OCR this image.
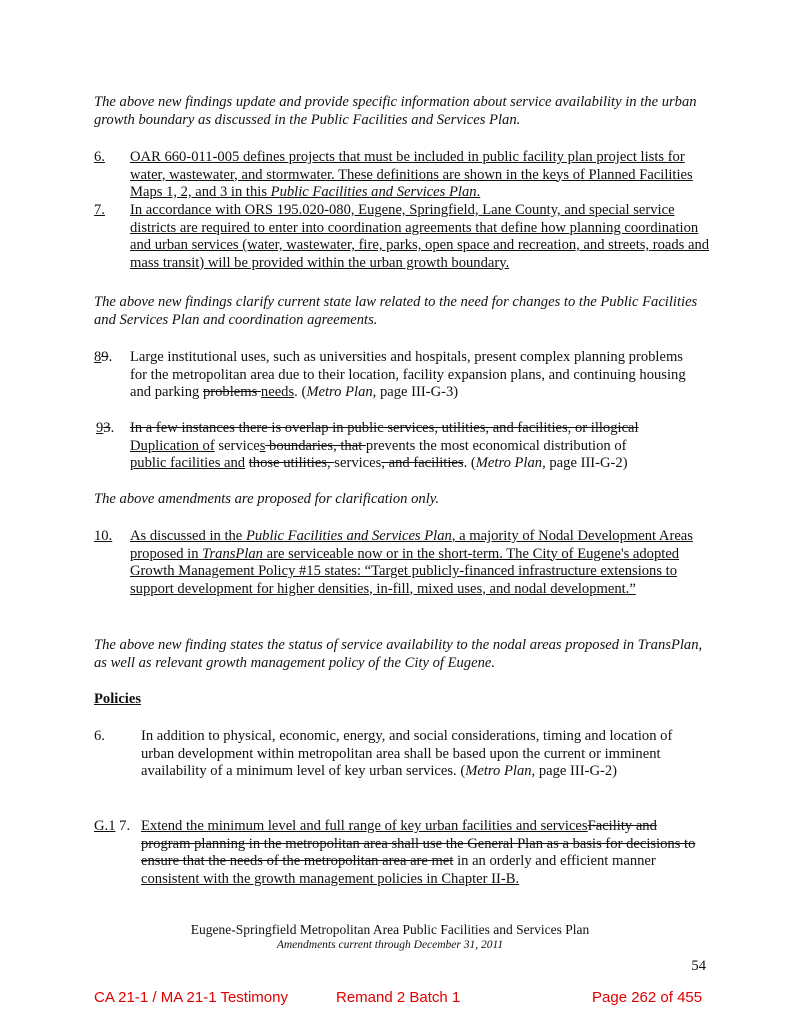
The above new findings update and provide specific information about service availability in the urban growth boundary as discussed in the Public Facilities and Services Plan.
6.	OAR 660-011-005 defines projects that must be included in public facility plan project lists for water, wastewater, and stormwater. These definitions are shown in the keys of Planned Facilities Maps 1, 2, and 3 in this Public Facilities and Services Plan.
7.	In accordance with ORS 195.020-080, Eugene, Springfield, Lane County, and special service districts are required to enter into coordination agreements that define how planning coordination and urban services (water, wastewater, fire, parks, open space and recreation, and streets, roads and mass transit) will be provided within the urban growth boundary.
The above new findings clarify current state law related to the need for changes to the Public Facilities and Services Plan and coordination agreements.
89.	Large institutional uses, such as universities and hospitals, present complex planning problems for the metropolitan area due to their location, facility expansion plans, and continuing housing and parking problems needs. (Metro Plan, page III-G-3)
93.	In a few instances there is overlap in public services, utilities, and facilities, or illogical
Duplication of services boundaries, that prevents the most economical distribution of
public facilities and those utilities, services, and facilities. (Metro Plan, page III-G-2)
The above amendments are proposed for clarification only.
10.	As discussed in the Public Facilities and Services Plan, a majority of Nodal Development Areas proposed in TransPlan are serviceable now or in the short-term. The City of Eugene's adopted Growth Management Policy #15 states: “Target publicly-financed infrastructure extensions to support development for higher densities, in-fill, mixed uses, and nodal development.”
The above new finding states the status of service availability to the nodal areas proposed in TransPlan, as well as relevant growth management policy of the City of Eugene.
Policies
6.	In addition to physical, economic, energy, and social considerations, timing and location of urban development within metropolitan area shall be based upon the current or imminent availability of a minimum level of key urban services. (Metro Plan, page III-G-2)
G.1 7. Extend the minimum level and full range of key urban facilities and servicesFacility and program planning in the metropolitan area shall use the General Plan as a basis for decisions to ensure that the needs of the metropolitan area are met in an orderly and efficient manner consistent with the growth management policies in Chapter II-B.
Eugene-Springfield Metropolitan Area Public Facilities and Services Plan
Amendments current through December 31, 2011
54
CA 21-1 / MA 21-1 Testimony	Remand 2 Batch 1	Page 262 of 455
